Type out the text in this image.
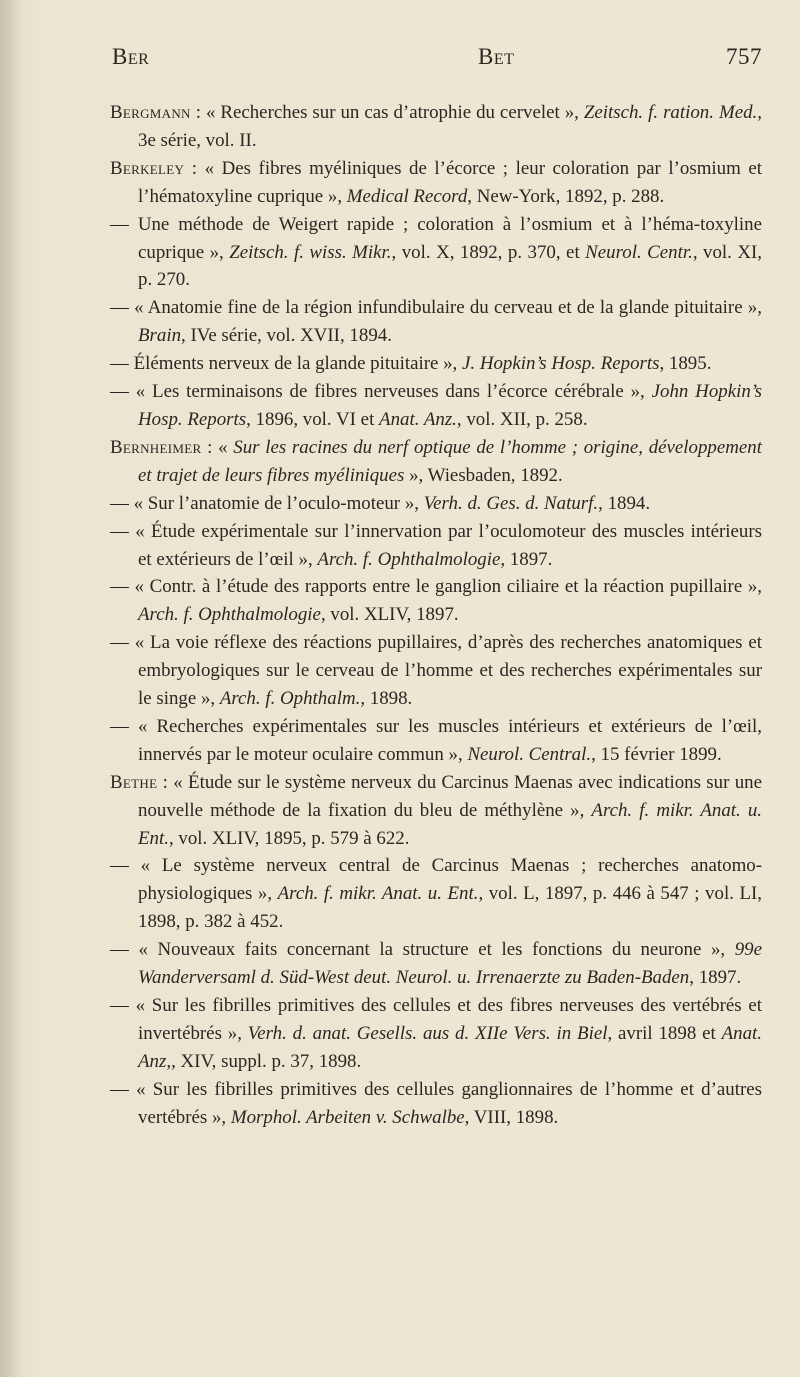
Ber	Bet	757

Bergmann : « Recherches sur un cas d’atrophie du cervelet », Zeitsch. f. ration. Med., 3e série, vol. II.

Berkeley : « Des fibres myéliniques de l’écorce ; leur coloration par l’osmium et l’hématoxyline cuprique », Medical Record, New-York, 1892, p. 288.

— Une méthode de Weigert rapide ; coloration à l’osmium et à l’héma-toxyline cuprique », Zeitsch. f. wiss. Mikr., vol. X, 1892, p. 370, et Neurol. Centr., vol. XI, p. 270.

— « Anatomie fine de la région infundibulaire du cerveau et de la glande pituitaire », Brain, IVe série, vol. XVII, 1894.

— Éléments nerveux de la glande pituitaire », J. Hopkin’s Hosp. Reports, 1895.

— « Les terminaisons de fibres nerveuses dans l’écorce cérébrale », John Hopkin’s Hosp. Reports, 1896, vol. VI et Anat. Anz., vol. XII, p. 258.

Bernheimer : « Sur les racines du nerf optique de l’homme ; origine, développement et trajet de leurs fibres myéliniques », Wiesbaden, 1892.

— « Sur l’anatomie de l’oculo-moteur », Verh. d. Ges. d. Naturf., 1894.

— « Étude expérimentale sur l’innervation par l’oculomoteur des muscles intérieurs et extérieurs de l’œil », Arch. f. Ophthalmologie, 1897.

— « Contr. à l’étude des rapports entre le ganglion ciliaire et la réaction pupillaire », Arch. f. Ophthalmologie, vol. XLIV, 1897.

— « La voie réflexe des réactions pupillaires, d’après des recherches anatomiques et embryologiques sur le cerveau de l’homme et des recherches expérimentales sur le singe », Arch. f. Ophthalm., 1898.

— « Recherches expérimentales sur les muscles intérieurs et extérieurs de l’œil, innervés par le moteur oculaire commun », Neurol. Central., 15 février 1899.

Bethe : « Étude sur le système nerveux du Carcinus Maenas avec indications sur une nouvelle méthode de la fixation du bleu de méthylène », Arch. f. mikr. Anat. u. Ent., vol. XLIV, 1895, p. 579 à 622.

— « Le système nerveux central de Carcinus Maenas ; recherches anatomo-physiologiques », Arch. f. mikr. Anat. u. Ent., vol. L, 1897, p. 446 à 547 ; vol. LI, 1898, p. 382 à 452.

— « Nouveaux faits concernant la structure et les fonctions du neurone », 99e Wanderversaml d. Süd-West deut. Neurol. u. Irrenaerzte zu Baden-Baden, 1897.

— « Sur les fibrilles primitives des cellules et des fibres nerveuses des vertébrés et invertébrés », Verh. d. anat. Gesells. aus d. XIIe Vers. in Biel, avril 1898 et Anat. Anz,, XIV, suppl. p. 37, 1898.

— « Sur les fibrilles primitives des cellules ganglionnaires de l’homme et d’autres vertébrés », Morphol. Arbeiten v. Schwalbe, VIII, 1898.
